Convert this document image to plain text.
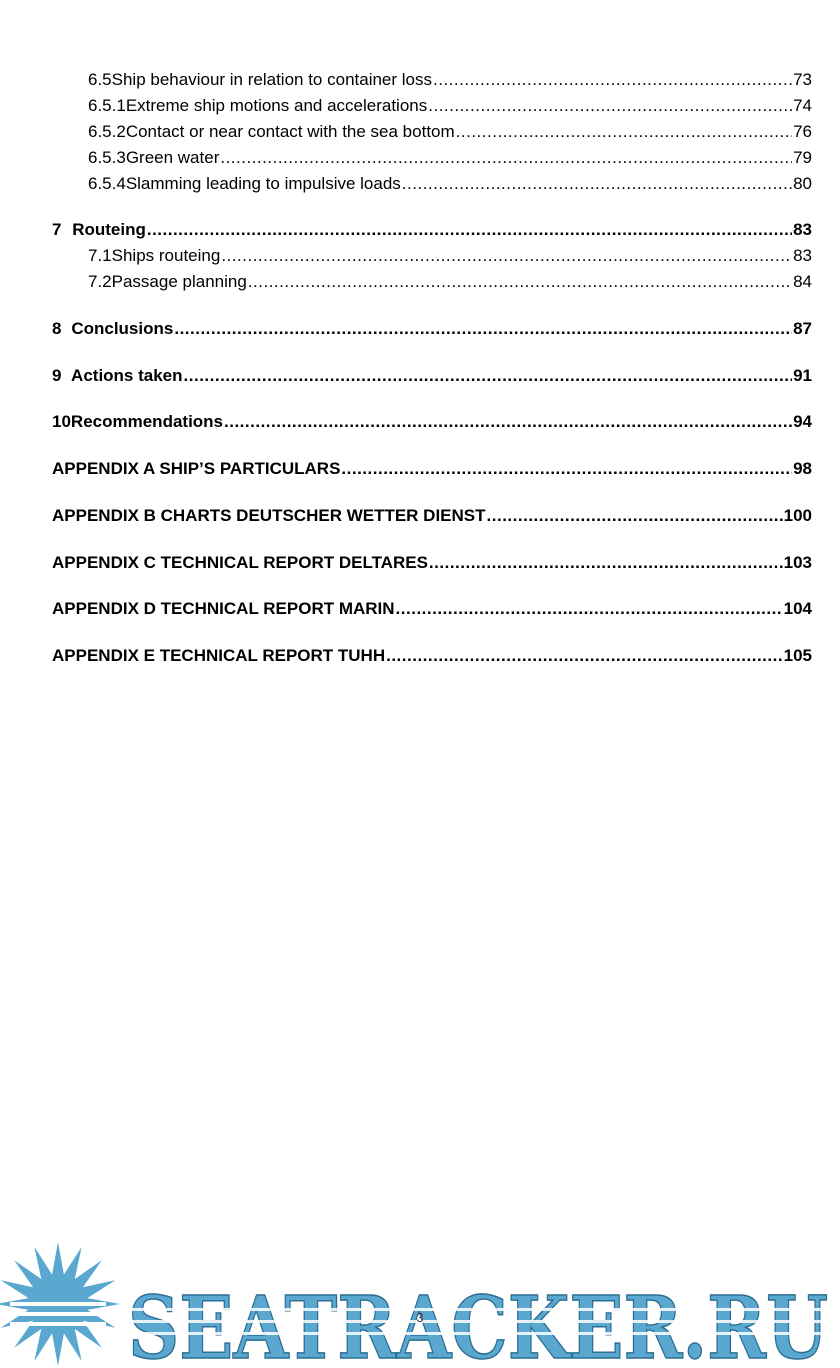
6.5 Ship behaviour in relation to container loss .....	73
6.5.1 Extreme ship motions and accelerations .....	74
6.5.2 Contact or near contact with the sea bottom .....	76
6.5.3 Green water .....	79
6.5.4 Slamming leading to impulsive loads .....	80
7 Routeing .....	83
7.1 Ships routeing .....	83
7.2 Passage planning .....	84
8 Conclusions .....	87
9 Actions taken .....	91
10 Recommendations .....	94
APPENDIX A SHIP’S PARTICULARS .....	98
APPENDIX B CHARTS DEUTSCHER WETTER DIENST .....	100
APPENDIX C TECHNICAL REPORT DELTARES .....	103
APPENDIX D TECHNICAL REPORT MARIN .....	104
APPENDIX E TECHNICAL REPORT TUHH .....	105
3
